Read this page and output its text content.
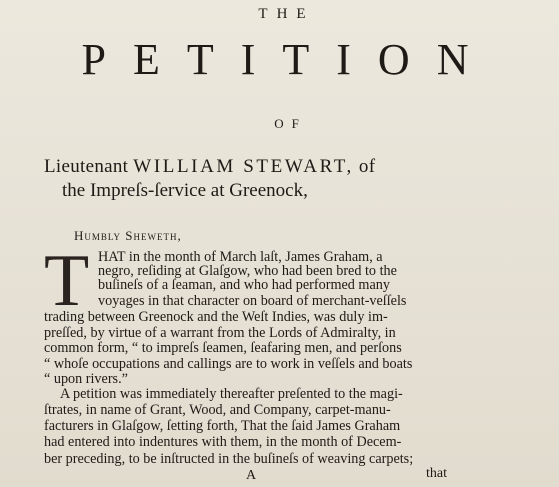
THE
PETITION
OF
Lieutenant WILLIAM STEWART, of
the Impreſs-ſervice at Greenock,
Humbly Sheweth,
T HAT in the month of March laſt, James Graham, a
negro, reſiding at Glaſgow, who had been bred to the
buſineſs of a ſeaman, and who had performed many
voyages in that character on board of merchant-veſſels
trading between Greenock and the Weſt Indies, was duly im-
preſſed, by virtue of a warrant from the Lords of Admiralty, in
common form, “ to impreſs ſeamen, ſeafaring men, and perſons
“ whoſe occupations and callings are to work in veſſels and boats
“ upon rivers.”
A petition was immediately thereafter preſented to the magi-
ſtrates, in name of Grant, Wood, and Company, carpet-manu-
facturers in Glaſgow, ſetting forth, That the ſaid James Graham
had entered into indentures with them, in the month of Decem-
that
A
ber preceding, to be inſtructed in the buſineſs of weaving carpets;
